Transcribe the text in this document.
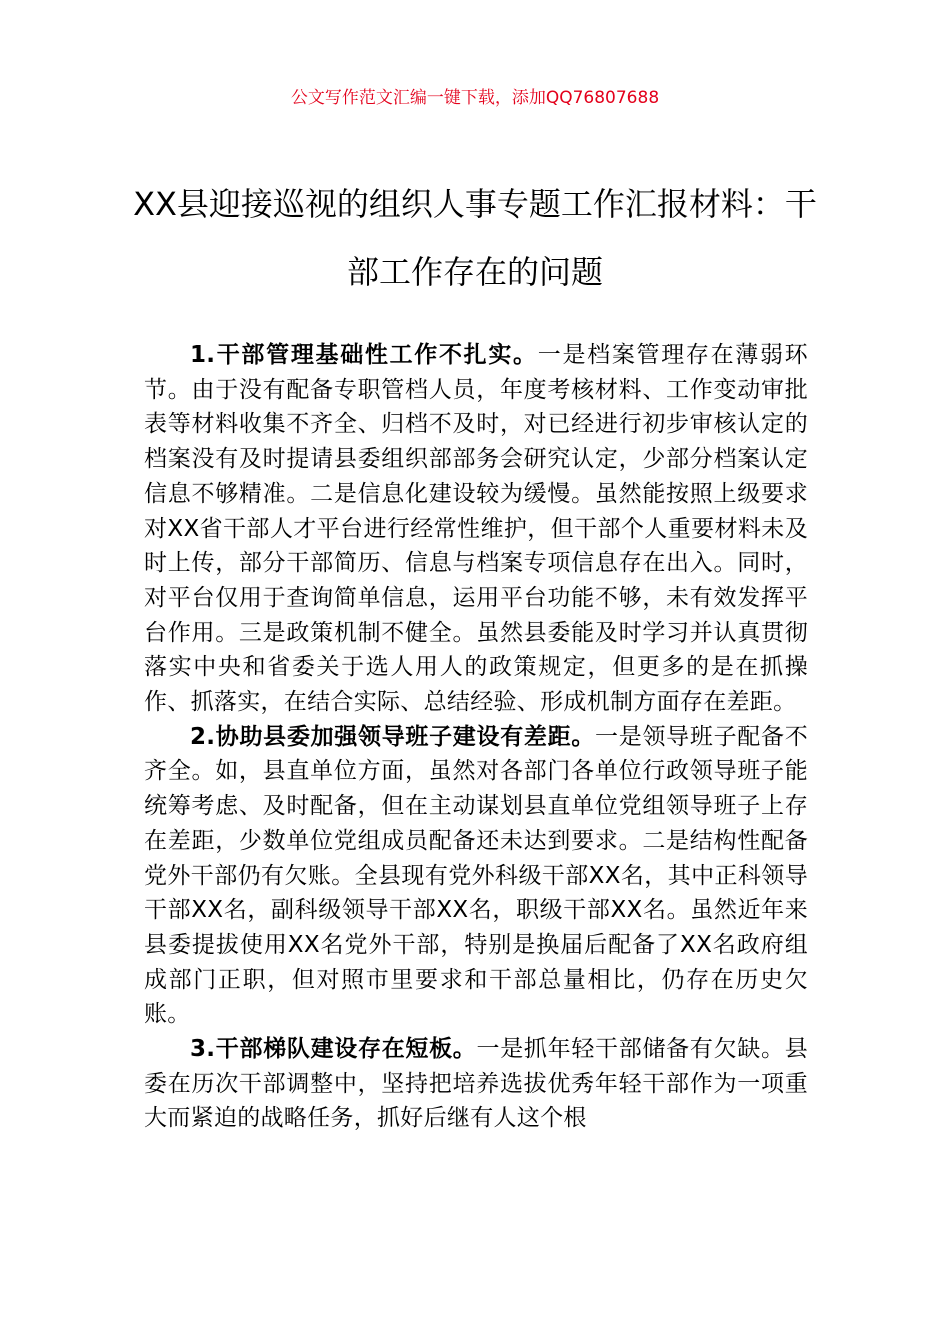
公文写作范文汇编一键下载，添加QQ76807688
XX县迎接巡视的组织人事专题工作汇报材料：干部工作存在的问题

1.干部管理基础性工作不扎实。一是档案管理存在薄弱环节。由于没有配备专职管档人员，年度考核材料、工作变动审批表等材料收集不齐全、归档不及时，对已经进行初步审核认定的档案没有及时提请县委组织部部务会研究认定，少部分档案认定信息不够精准。二是信息化建设较为缓慢。虽然能按照上级要求对XX省干部人才平台进行经常性维护，但干部个人重要材料未及时上传，部分干部简历、信息与档案专项信息存在出入。同时，对平台仅用于查询简单信息，运用平台功能不够，未有效发挥平台作用。三是政策机制不健全。虽然县委能及时学习并认真贯彻落实中央和省委关于选人用人的政策规定，但更多的是在抓操作、抓落实，在结合实际、总结经验、形成机制方面存在差距。

2.协助县委加强领导班子建设有差距。一是领导班子配备不齐全。如，县直单位方面，虽然对各部门各单位行政领导班子能统筹考虑、及时配备，但在主动谋划县直单位党组领导班子上存在差距，少数单位党组成员配备还未达到要求。二是结构性配备党外干部仍有欠账。全县现有党外科级干部XX名，其中正科领导干部XX名，副科级领导干部XX名，职级干部XX名。虽然近年来县委提拔使用XX名党外干部，特别是换届后配备了XX名政府组成部门正职，但对照市里要求和干部总量相比，仍存在历史欠账。

3.干部梯队建设存在短板。一是抓年轻干部储备有欠缺。县委在历次干部调整中，坚持把培养选拔优秀年轻干部作为一项重大而紧迫的战略任务，抓好后继有人这个根
